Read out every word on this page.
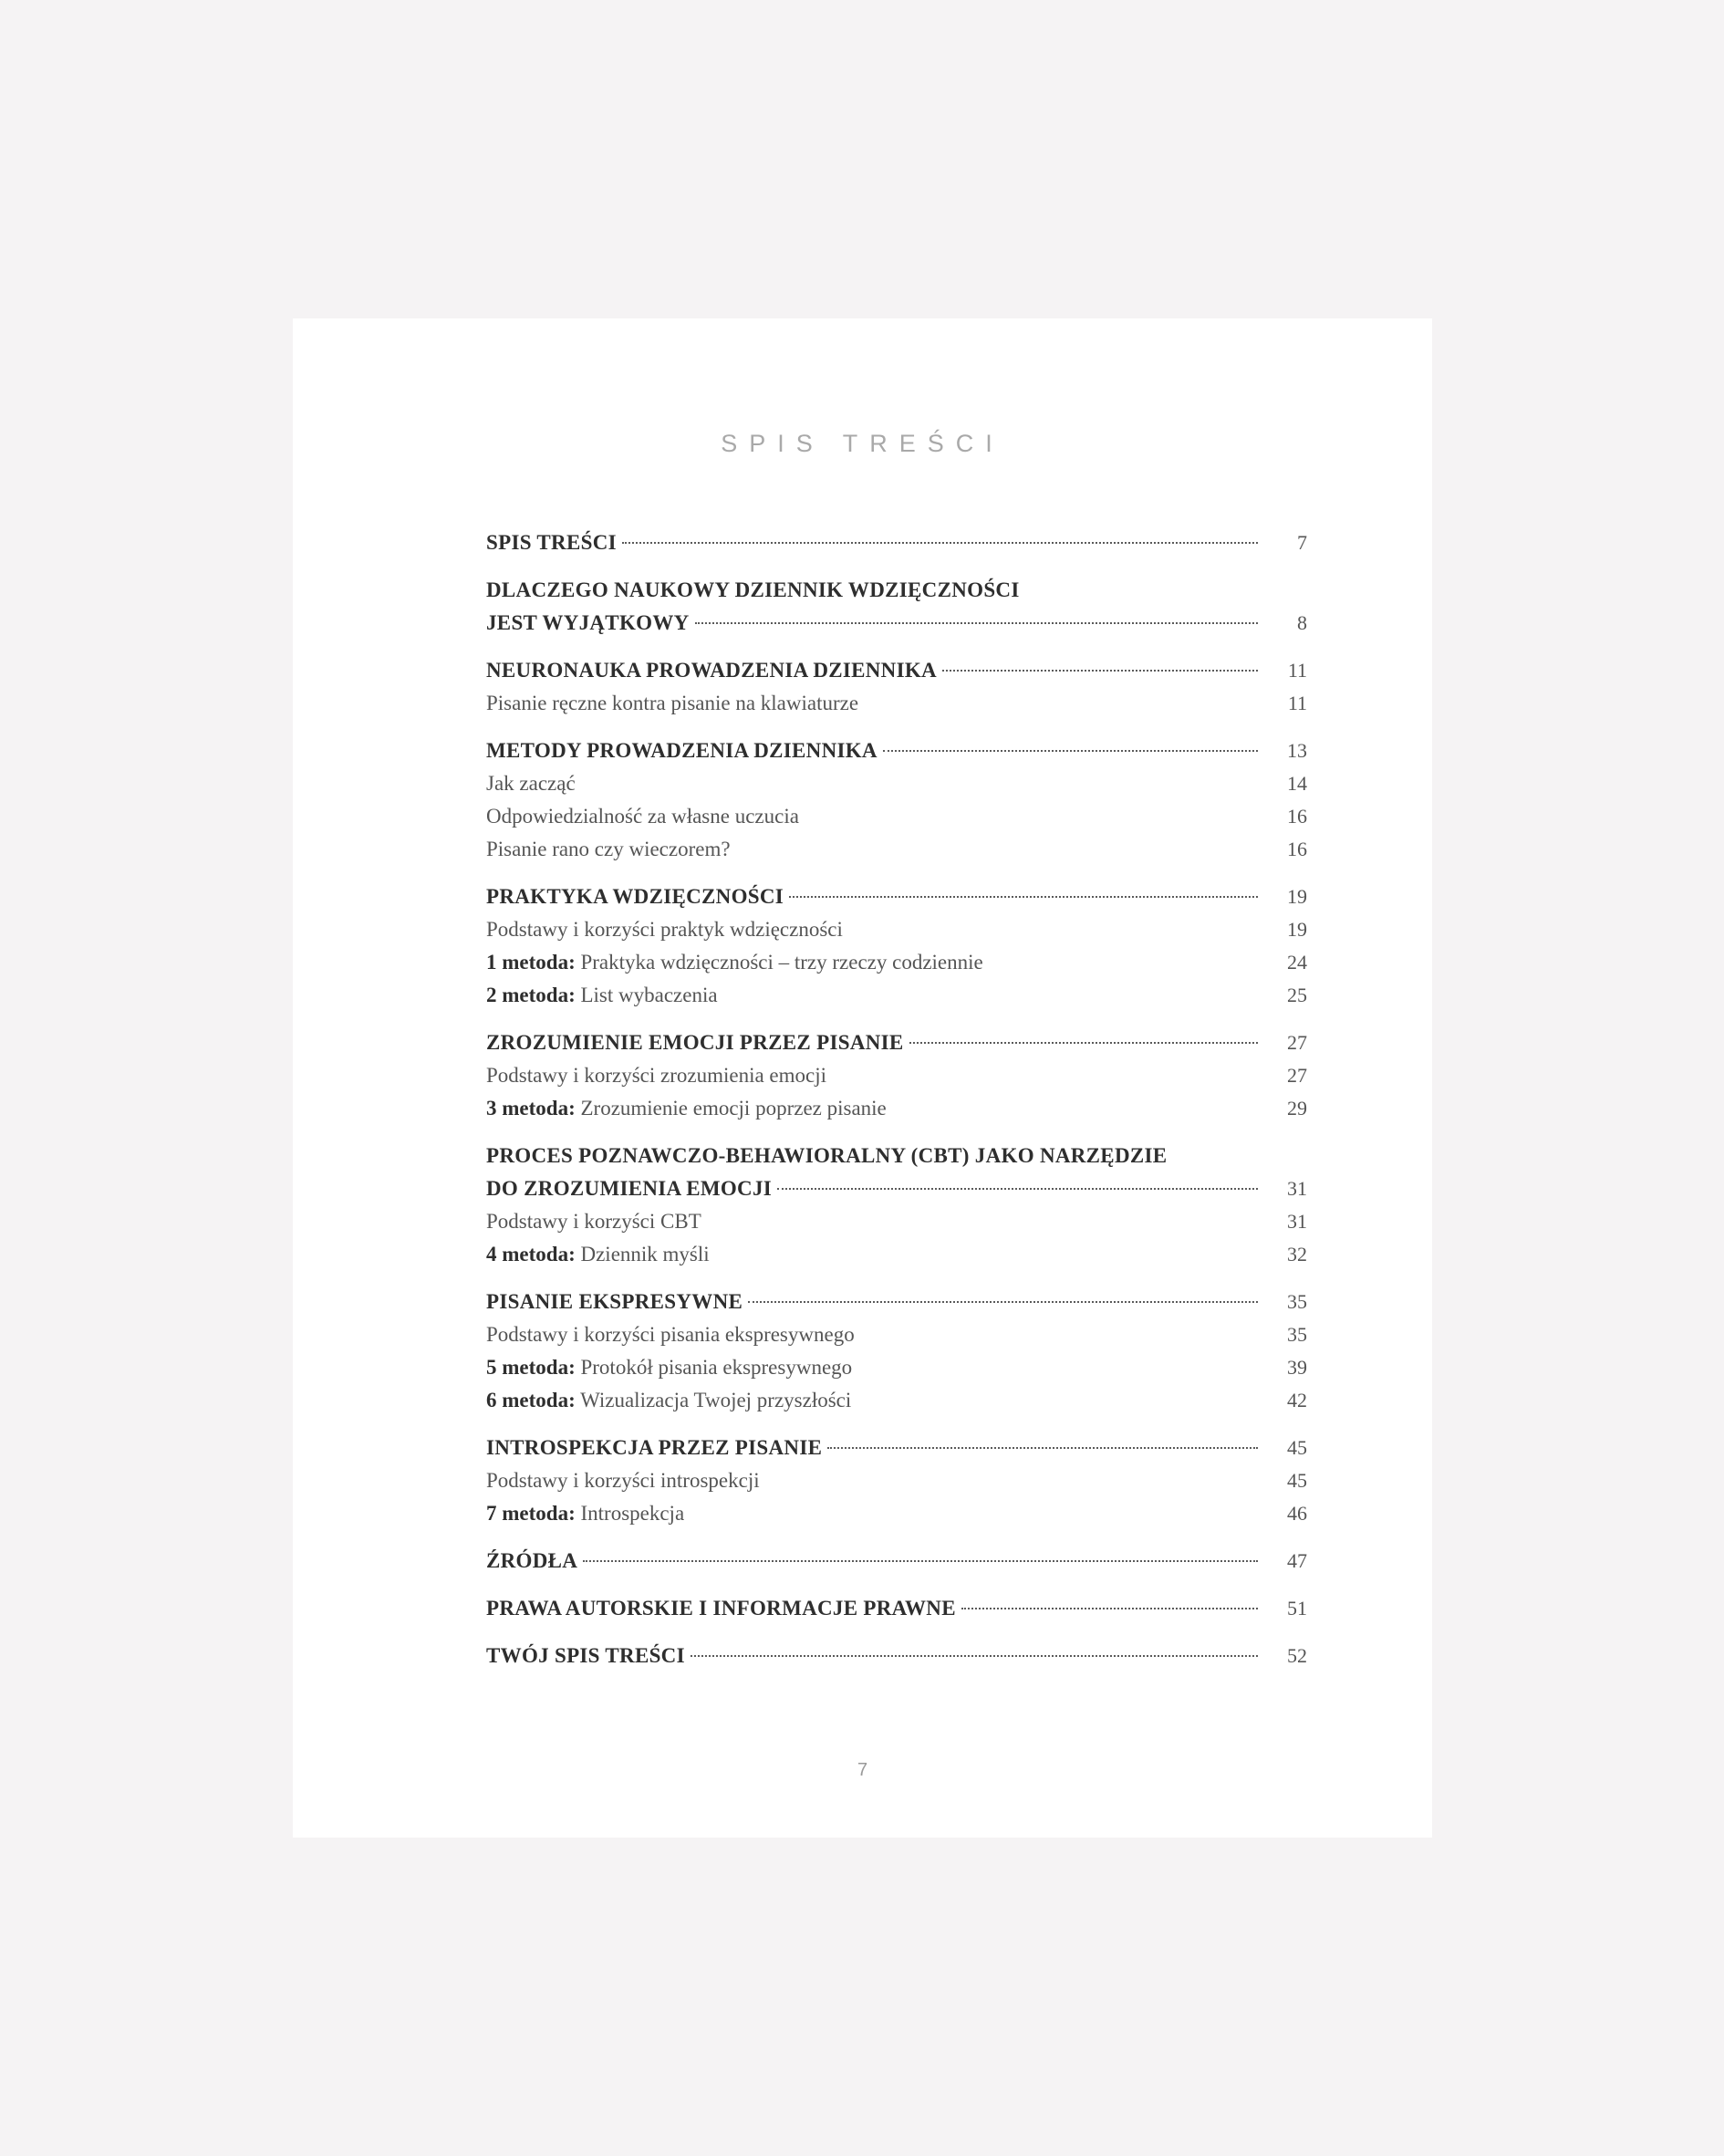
SPIS TREŚCI
SPIS TREŚCI	7
DLACZEGO NAUKOWY DZIENNIK WDZIĘCZNOŚCI
JEST WYJĄTKOWY	8
NEURONAUKA PROWADZENIA DZIENNIKA	11
Pisanie ręczne kontra pisanie na klawiaturze	11
METODY PROWADZENIA DZIENNIKA	13
Jak zacząć	14
Odpowiedzialność za własne uczucia	16
Pisanie rano czy wieczorem?	16
PRAKTYKA WDZIĘCZNOŚCI	19
Podstawy i korzyści praktyk wdzięczności	19
1 metoda: Praktyka wdzięczności – trzy rzeczy codziennie	24
2 metoda: List wybaczenia	25
ZROZUMIENIE EMOCJI PRZEZ PISANIE	27
Podstawy i korzyści zrozumienia emocji	27
3 metoda: Zrozumienie emocji poprzez pisanie	29
PROCES POZNAWCZO-BEHAWIORALNY (CBT) JAKO NARZĘDZIE
DO ZROZUMIENIA EMOCJI	31
Podstawy i korzyści CBT	31
4 metoda: Dziennik myśli	32
PISANIE EKSPRESYWNE	35
Podstawy i korzyści pisania ekspresywnego	35
5 metoda: Protokół pisania ekspresywnego	39
6 metoda: Wizualizacja Twojej przyszłości	42
INTROSPEKCJA PRZEZ PISANIE	45
Podstawy i korzyści introspekcji	45
7 metoda: Introspekcja	46
ŹRÓDŁA	47
PRAWA AUTORSKIE I INFORMACJE PRAWNE	51
TWÓJ SPIS TREŚCI	52
7
